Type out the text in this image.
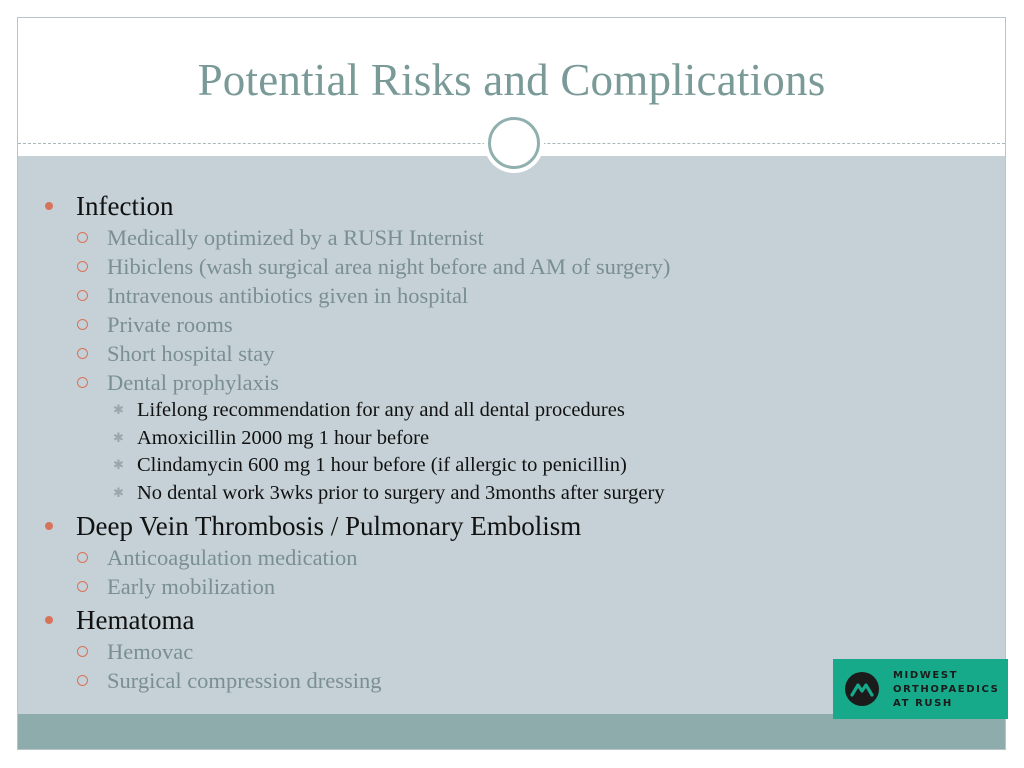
Potential Risks and Complications
Infection
Medically optimized by a RUSH Internist
Hibiclens (wash surgical area night before and AM of surgery)
Intravenous antibiotics given in hospital
Private rooms
Short hospital stay
Dental prophylaxis
✱ Lifelong recommendation for any and all dental procedures
✱ Amoxicillin 2000 mg 1 hour before
✱ Clindamycin 600 mg 1 hour before (if allergic to penicillin)
✱ No dental work 3wks prior to surgery and 3months after surgery
Deep Vein Thrombosis / Pulmonary Embolism
Anticoagulation medication
Early mobilization
Hematoma
Hemovac
Surgical compression dressing	MIDWEST
ORTHOPAEDICS
AT RUSH
